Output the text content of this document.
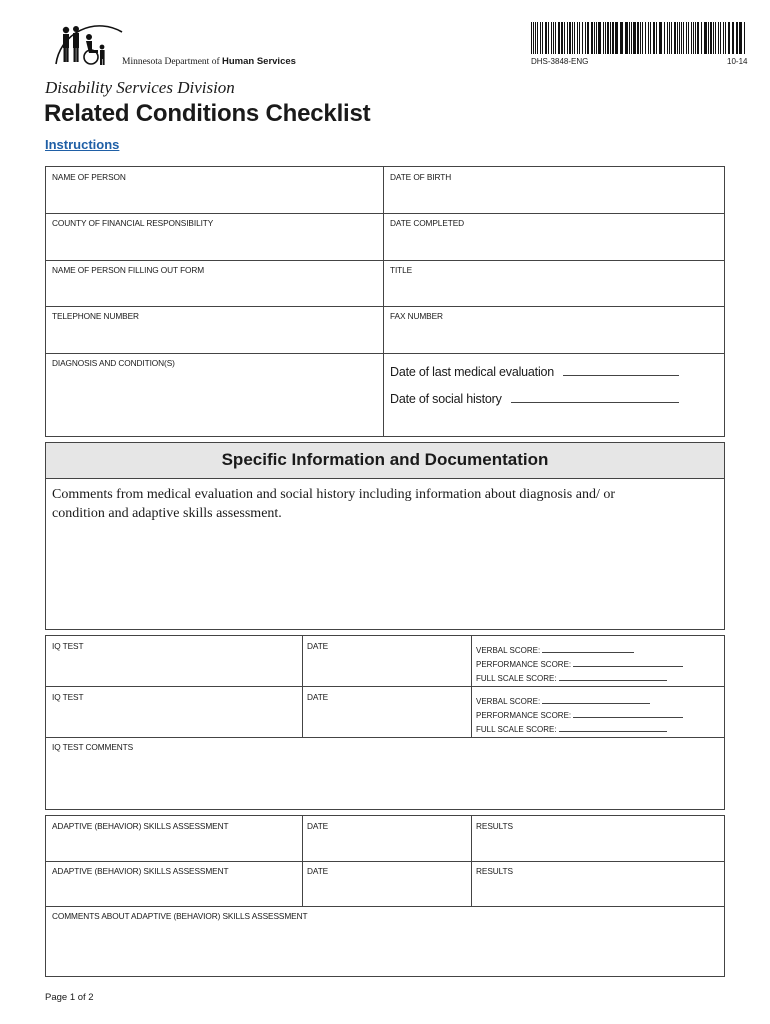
Minnesota Department of Human Services	DHS-3848-ENG	10-14
Disability Services Division
Related Conditions Checklist
Instructions
NAME OF PERSON	DATE OF BIRTH
COUNTY OF FINANCIAL RESPONSIBILITY	DATE COMPLETED
NAME OF PERSON FILLING OUT FORM	TITLE
TELEPHONE NUMBER	FAX NUMBER
DIAGNOSIS AND CONDITION(S)
Date of last medical evaluation
Date of social history
Specific Information and Documentation
Comments from medical evaluation and social history including information about diagnosis and/ or condition and adaptive skills assessment.
IQ TEST	DATE	VERBAL SCORE:
PERFORMANCE SCORE:
FULL SCALE SCORE:
IQ TEST	DATE	VERBAL SCORE:
PERFORMANCE SCORE:
FULL SCALE SCORE:
IQ TEST COMMENTS
ADAPTIVE (BEHAVIOR) SKILLS ASSESSMENT	DATE	RESULTS
ADAPTIVE (BEHAVIOR) SKILLS ASSESSMENT	DATE	RESULTS
COMMENTS ABOUT ADAPTIVE (BEHAVIOR) SKILLS ASSESSMENT
Page 1 of 2
